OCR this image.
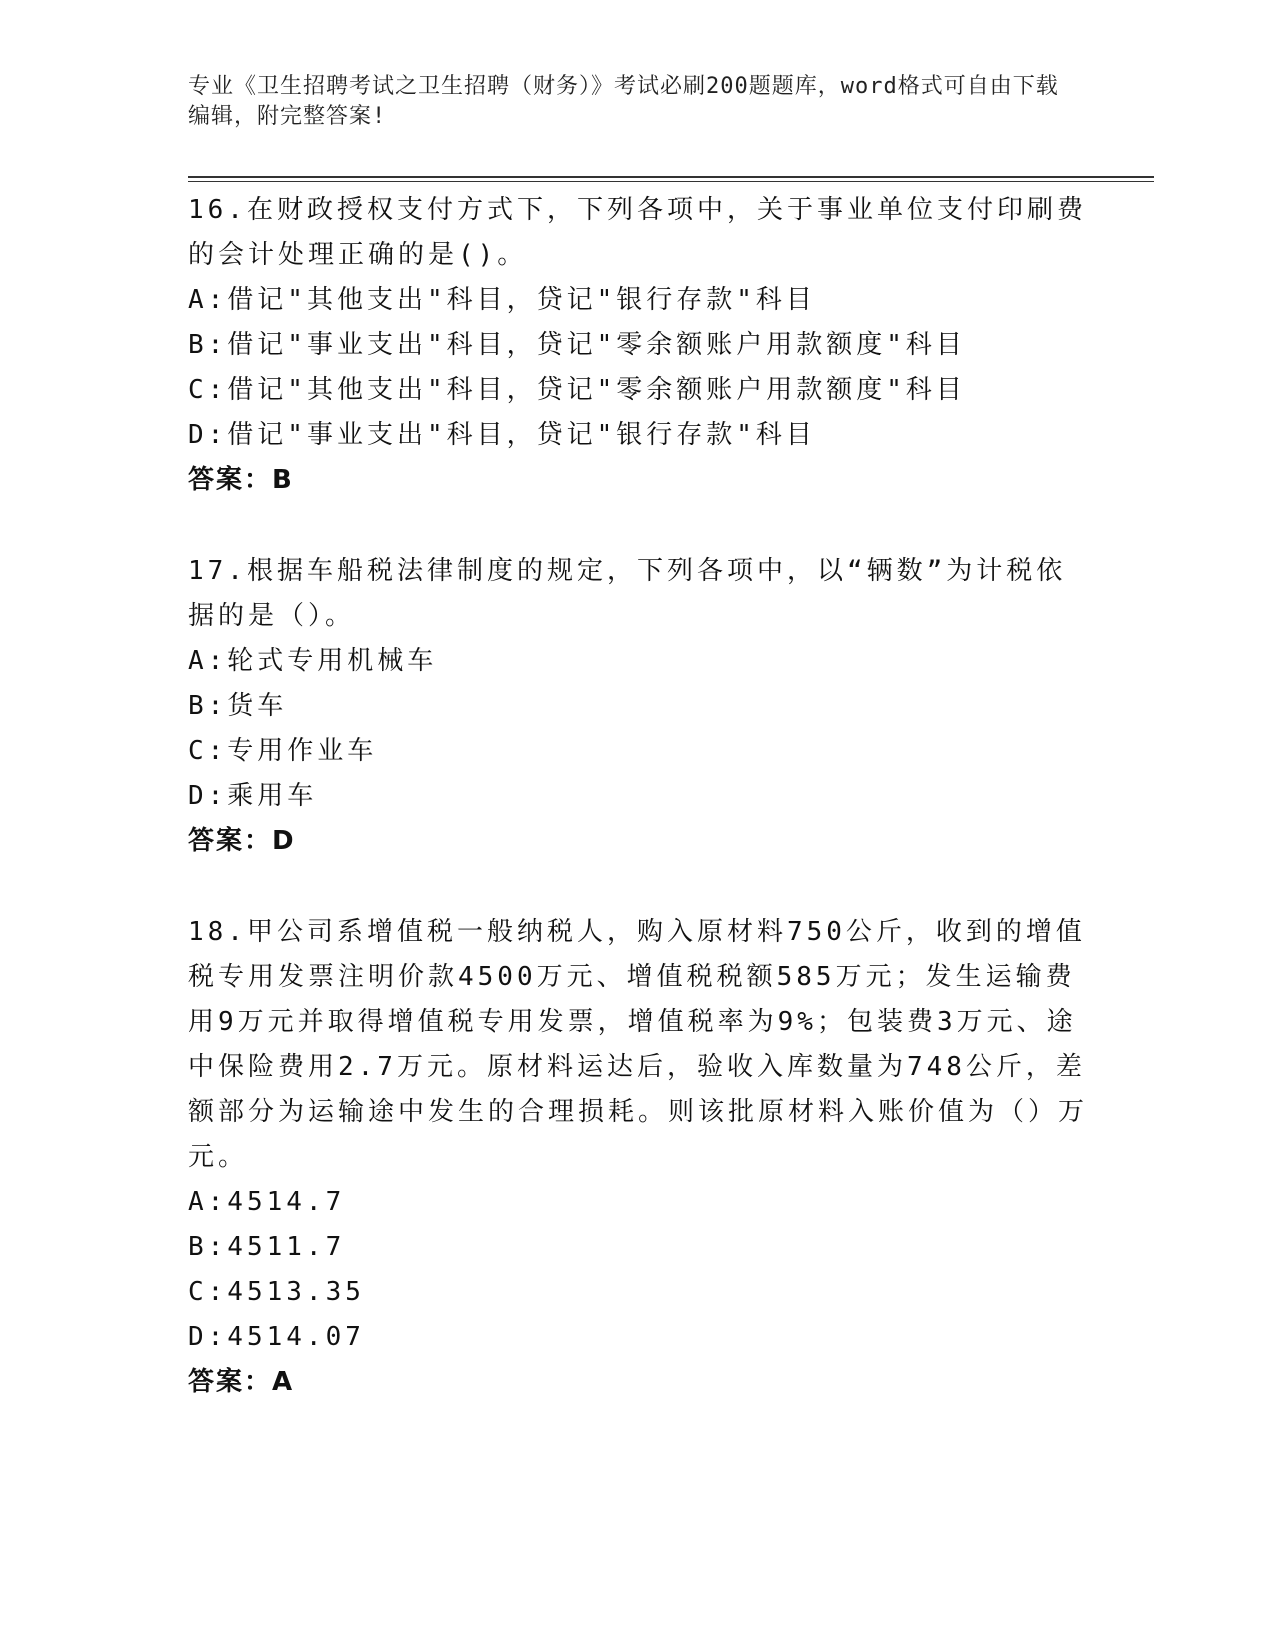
专业《卫生招聘考试之卫生招聘（财务）》考试必刷200题题库，word格式可自由下载编辑，附完整答案!

16.在财政授权支付方式下，下列各项中，关于事业单位支付印刷费的会计处理正确的是()。

A:借记"其他支出"科目，贷记"银行存款"科目
B:借记"事业支出"科目，贷记"零余额账户用款额度"科目
C:借记"其他支出"科目，贷记"零余额账户用款额度"科目
D:借记"事业支出"科目，贷记"银行存款"科目
答案：B

17.根据车船税法律制度的规定，下列各项中，以“辆数”为计税依据的是（）。

A:轮式专用机械车
B:货车
C:专用作业车
D:乘用车
答案：D

18.甲公司系增值税一般纳税人，购入原材料750公斤，收到的增值税专用发票注明价款4500万元、增值税税额585万元；发生运输费用9万元并取得增值税专用发票，增值税率为9%；包装费3万元、途中保险费用2.7万元。原材料运达后，验收入库数量为748公斤，差额部分为运输途中发生的合理损耗。则该批原材料入账价值为（）万元。

A:4514.7
B:4511.7
C:4513.35
D:4514.07
答案：A
